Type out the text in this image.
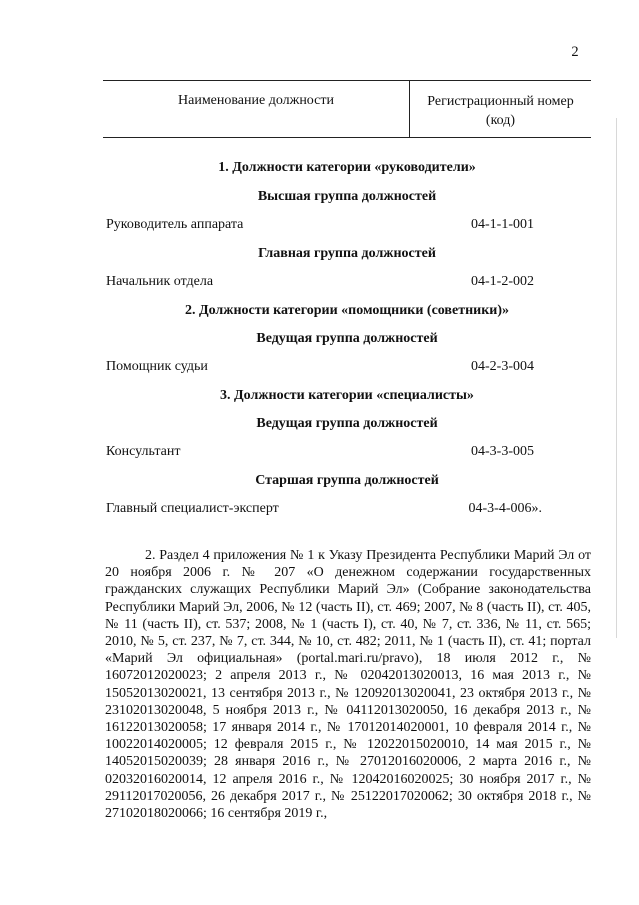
2
Наименование должности	Регистрационный номер
(код)
1. Должности категории «руководители»
Высшая группа должностей
Руководитель аппарата	04-1-1-001
Главная группа должностей
Начальник отдела	04-1-2-002
2. Должности категории «помощники (советники)»
Ведущая группа должностей
Помощник судьи	04-2-3-004
3. Должности категории «специалисты»
Ведущая группа должностей
Консультант	04-3-3-005
Старшая группа должностей
Главный специалист-эксперт	04-3-4-006».
2. Раздел 4 приложения № 1 к Указу Президента Республики Марий Эл от 20 ноября 2006 г. № 207 «О денежном содержании государственных гражданских служащих Республики Марий Эл» (Собрание законодательства Республики Марий Эл, 2006, № 12 (часть II), ст. 469; 2007, № 8 (часть II), ст. 405, № 11 (часть II), ст. 537; 2008, № 1 (часть I), ст. 40, № 7, ст. 336, № 11, ст. 565; 2010, № 5, ст. 237, № 7, ст. 344, № 10, ст. 482; 2011, № 1 (часть II), ст. 41; портал «Марий Эл официальная» (portal.mari.ru/pravo), 18 июля 2012 г., № 16072012020023; 2 апреля 2013 г., № 02042013020013, 16 мая 2013 г., № 15052013020021, 13 сентября 2013 г., № 12092013020041, 23 октября 2013 г., № 23102013020048, 5 ноября 2013 г., № 04112013020050, 16 декабря 2013 г., № 16122013020058; 17 января 2014 г., № 17012014020001, 10 февраля 2014 г., № 10022014020005; 12 февраля 2015 г., № 12022015020010, 14 мая 2015 г., № 14052015020039; 28 января 2016 г., № 27012016020006, 2 марта 2016 г., № 02032016020014, 12 апреля 2016 г., № 12042016020025; 30 ноября 2017 г., № 29112017020056, 26 декабря 2017 г., № 25122017020062; 30 октября 2018 г., № 27102018020066; 16 сентября 2019 г.,
